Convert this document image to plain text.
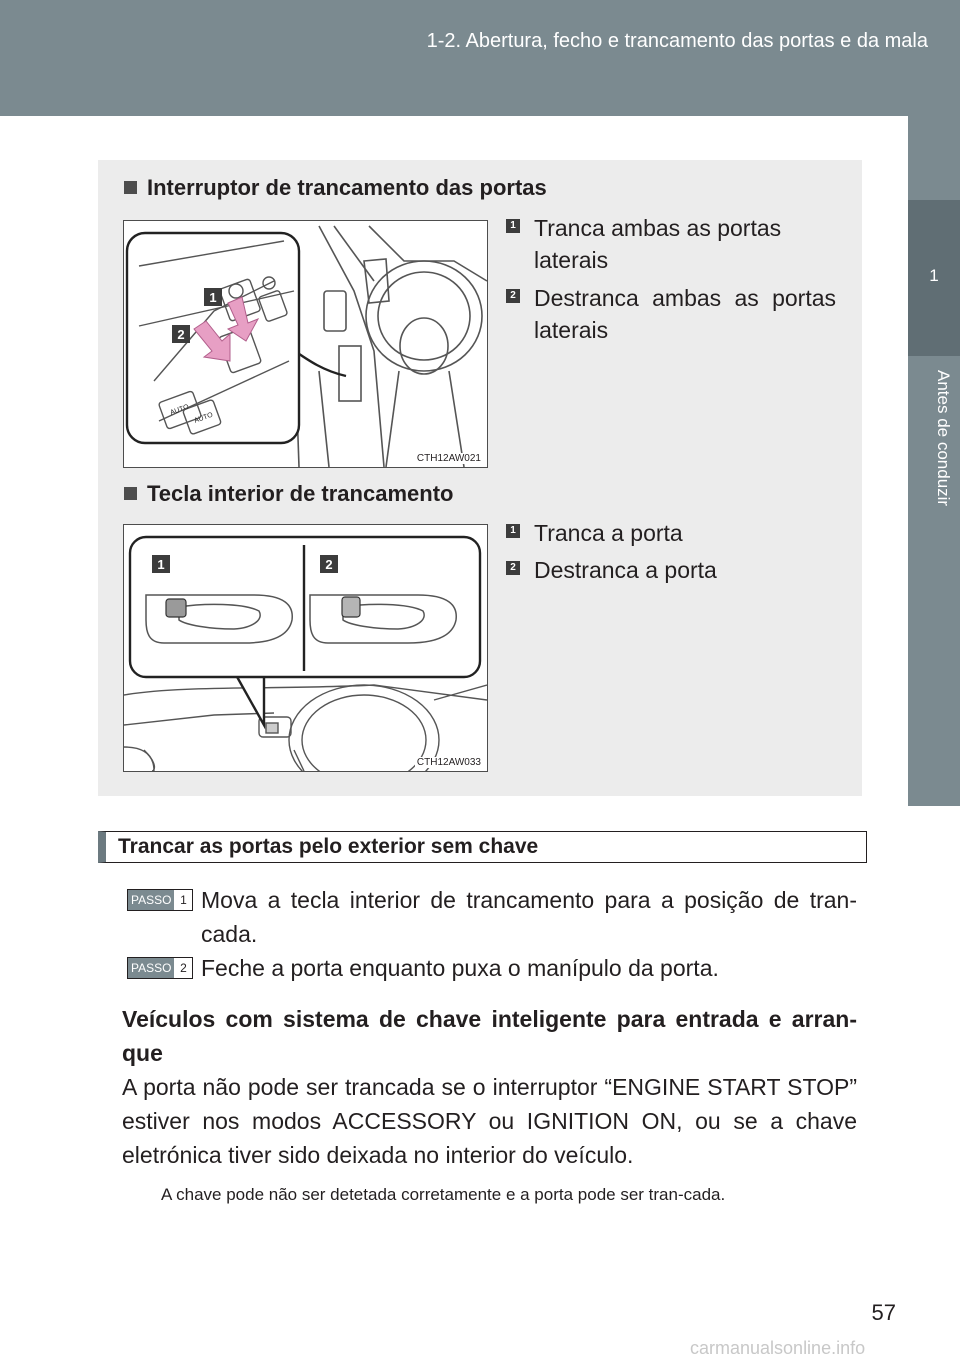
1-2. Abertura, fecho e trancamento das portas e da mala
1
Antes de conduzir
Interruptor de trancamento das portas
AUTO
AUTO
1
2
CTH12AW021
1 Tranca ambas as portas laterais
2 Destranca ambas as portas laterais
Tecla interior de trancamento
1	2
CTH12AW033
1 Tranca a porta
2 Destranca a porta
Trancar as portas pelo exterior sem chave
PASSO 1 Mova a tecla interior de trancamento para a posição de tran-cada.
PASSO 2 Feche a porta enquanto puxa o manípulo da porta.
Veículos com sistema de chave inteligente para entrada e arran-que
A porta não pode ser trancada se o interruptor “ENGINE START STOP” estiver nos modos ACCESSORY ou IGNITION ON, ou se a chave eletrónica tiver sido deixada no interior do veículo.
A chave pode não ser detetada corretamente e a porta pode ser tran-cada.
57
carmanualsonline.info
